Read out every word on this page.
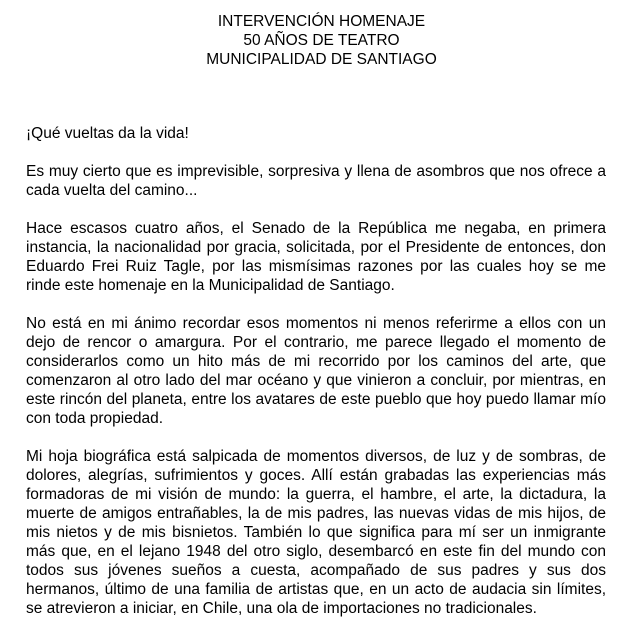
INTERVENCIÓN HOMENAJE
50 AÑOS DE TEATRO
MUNICIPALIDAD DE SANTIAGO

¡Qué vueltas da la vida!

Es muy cierto que es imprevisible, sorpresiva y llena de asombros que nos ofrece a cada vuelta del camino...

Hace escasos cuatro años, el Senado de la República me negaba, en primera instancia, la nacionalidad por gracia, solicitada, por el Presidente de entonces, don Eduardo Frei Ruiz Tagle, por las mismísimas razones por las cuales hoy se me rinde este homenaje en la Municipalidad de Santiago.

No está en mi ánimo recordar esos momentos ni menos referirme a ellos con un dejo de rencor o amargura. Por el contrario, me parece llegado el momento de considerarlos como un hito más de mi recorrido por los caminos del arte, que comenzaron al otro lado del mar océano y que vinieron a concluir, por mientras, en este rincón del planeta, entre los avatares de este pueblo que hoy puedo llamar mío con toda propiedad.

Mi hoja biográfica está salpicada de momentos diversos, de luz y de sombras, de dolores, alegrías, sufrimientos y goces. Allí están grabadas las experiencias más formadoras de mi visión de mundo: la guerra, el hambre, el arte, la dictadura, la muerte de amigos entrañables, la de mis padres, las nuevas vidas de mis hijos, de mis nietos y de mis bisnietos. También lo que significa para mí ser un inmigrante más que, en el lejano 1948 del otro siglo, desembarcó en este fin del mundo con todos sus jóvenes sueños a cuesta, acompañado de sus padres y sus dos hermanos, último de una familia de artistas que, en un acto de audacia sin límites, se atrevieron a iniciar, en Chile, una ola de importaciones no tradicionales.
